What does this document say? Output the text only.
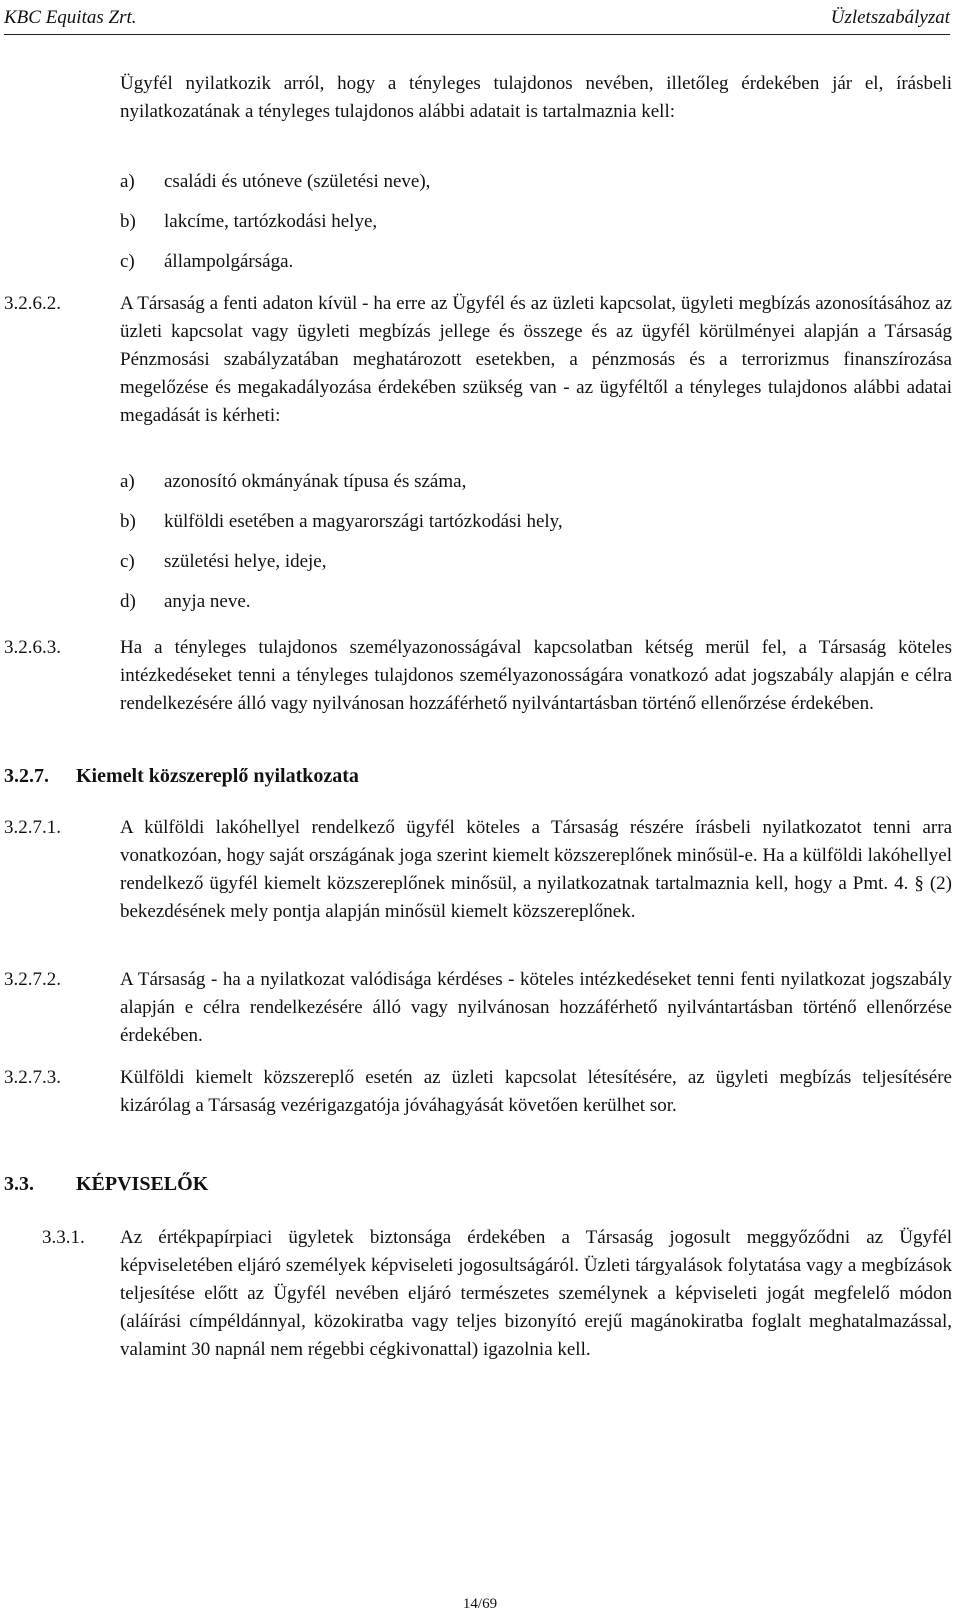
KBC Equitas Zrt.	Üzletszabályzat

Ügyfél nyilatkozik arról, hogy a tényleges tulajdonos nevében, illetőleg érdekében jár el, írásbeli nyilatkozatának a tényleges tulajdonos alábbi adatait is tartalmaznia kell:

a) családi és utóneve (születési neve),
b) lakcíme, tartózkodási helye,
c) állampolgársága.
3.2.6.2.	A Társaság a fenti adaton kívül - ha erre az Ügyfél és az üzleti kapcsolat, ügyleti megbízás azonosításához az üzleti kapcsolat vagy ügyleti megbízás jellege és összege és az ügyfél körülményei alapján a Társaság Pénzmosási szabályzatában meghatározott esetekben, a pénzmosás és a terrorizmus finanszírozása megelőzése és megakadályozása érdekében szükség van - az ügyféltől a tényleges tulajdonos alábbi adatai megadását is kérheti:

a) azonosító okmányának típusa és száma,
b) külföldi esetében a magyarországi tartózkodási hely,
c) születési helye, ideje,
d) anyja neve.
3.2.6.3.	Ha a tényleges tulajdonos személyazonosságával kapcsolatban kétség merül fel, a Társaság köteles intézkedéseket tenni a tényleges tulajdonos személyazonosságára vonatkozó adat jogszabály alapján e célra rendelkezésére álló vagy nyilvánosan hozzáférhető nyilvántartásban történő ellenőrzése érdekében.

3.2.7. Kiemelt közszereplő nyilatkozata
3.2.7.1.	A külföldi lakóhellyel rendelkező ügyfél köteles a Társaság részére írásbeli nyilatkozatot tenni arra vonatkozóan, hogy saját országának joga szerint kiemelt közszereplőnek minősül-e. Ha a külföldi lakóhellyel rendelkező ügyfél kiemelt közszereplőnek minősül, a nyilatkozatnak tartalmaznia kell, hogy a Pmt. 4. § (2) bekezdésének mely pontja alapján minősül kiemelt közszereplőnek.

3.2.7.2.	A Társaság - ha a nyilatkozat valódisága kérdéses - köteles intézkedéseket tenni fenti nyilatkozat jogszabály alapján e célra rendelkezésére álló vagy nyilvánosan hozzáférhető nyilvántartásban történő ellenőrzése érdekében.

3.2.7.3.	Külföldi kiemelt közszereplő esetén az üzleti kapcsolat létesítésére, az ügyleti megbízás teljesítésére kizárólag a Társaság vezérigazgatója jóváhagyását követően kerülhet sor.

3.3. KÉPVISELŐK
3.3.1. Az értékpapírpiaci ügyletek biztonsága érdekében a Társaság jogosult meggyőződni az Ügyfél képviseletében eljáró személyek képviseleti jogosultságáról. Üzleti tárgyalások folytatása vagy a megbízások teljesítése előtt az Ügyfél nevében eljáró természetes személynek a képviseleti jogát megfelelő módon (aláírási címpéldánnyal, közokiratba vagy teljes bizonyító erejű magánokiratba foglalt meghatalmazással, valamint 30 napnál nem régebbi cégkivonattal) igazolnia kell.

14/69
